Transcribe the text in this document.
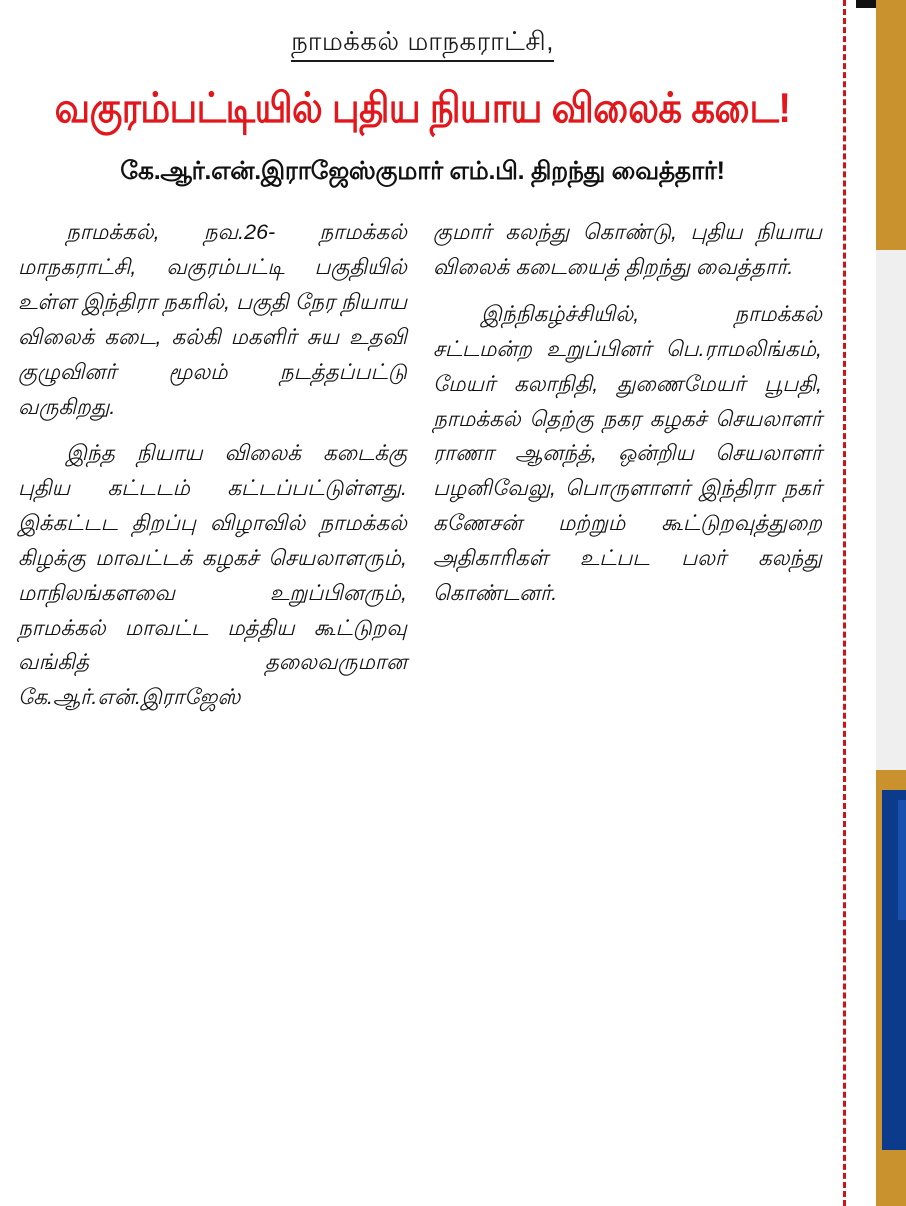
நாமக்கல் மாநகராட்சி,
வகுரம்பட்டியில் புதிய நியாய விலைக் கடை!
கே.ஆர்.என்.இராஜேஸ்குமார் எம்.பி. திறந்து வைத்தார்!

நாமக்கல், நவ.26- நாமக்கல் மாநகராட்சி, வகுரம்பட்டி பகுதியில் உள்ள இந்திரா நகரில், பகுதி நேர நியாய விலைக் கடை, கல்கி மகளிர் சுய உதவி குழுவினர் மூலம் நடத்தப்பட்டு வருகிறது.

இந்த நியாய விலைக் கடைக்கு புதிய கட்டடம் கட்டப்பட்டுள்ளது. இக்கட்டட திறப்பு விழாவில் நாமக்கல் கிழக்கு மாவட்டக் கழகச் செயலாளரும், மாநிலங்களவை உறுப்பினரும், நாமக்கல் மாவட்ட மத்திய கூட்டுறவு வங்கித் தலைவருமான கே.ஆர்.என்.இராஜேஸ்

குமார் கலந்து கொண்டு, புதிய நியாய விலைக் கடையைத் திறந்து வைத்தார்.

இந்நிகழ்ச்சியில், நாமக்கல் சட்டமன்ற உறுப்பினர் பெ.ராமலிங்கம், மேயர் கலாநிதி, துணைமேயர் பூபதி, நாமக்கல் தெற்கு நகர கழகச் செயலாளர் ராணா ஆனந்த், ஒன்றிய செயலாளர் பழனிவேலு, பொருளாளர் இந்திரா நகர் கணேசன் மற்றும் கூட்டுறவுத்துறை அதிகாரிகள் உட்பட பலர் கலந்து கொண்டனர்.
